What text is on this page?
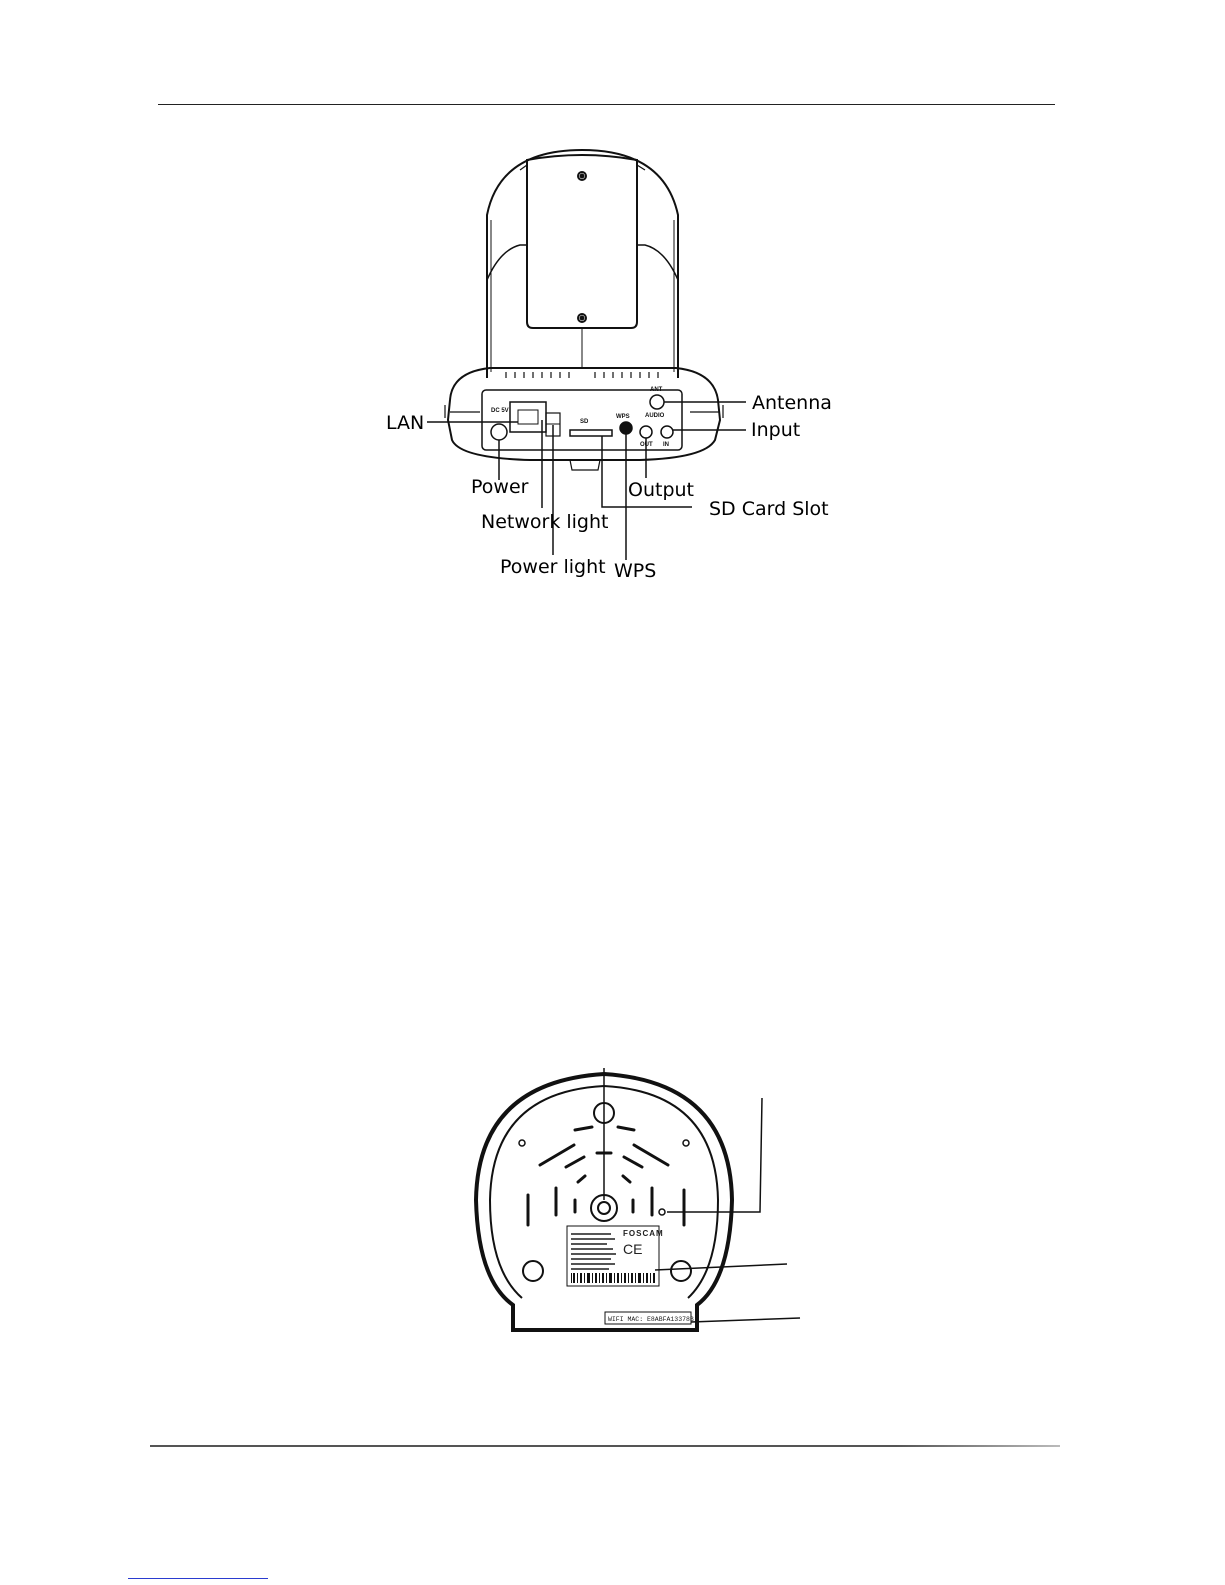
DC 5V
SD
WPS
ANT
AUDIO
OUT IN
LAN
Power
Network light
Power light WPS
SD Card Slot
Output
Input
Antenna
FOSCAM
CE
WIFI MAC: E8ABFA13378B
